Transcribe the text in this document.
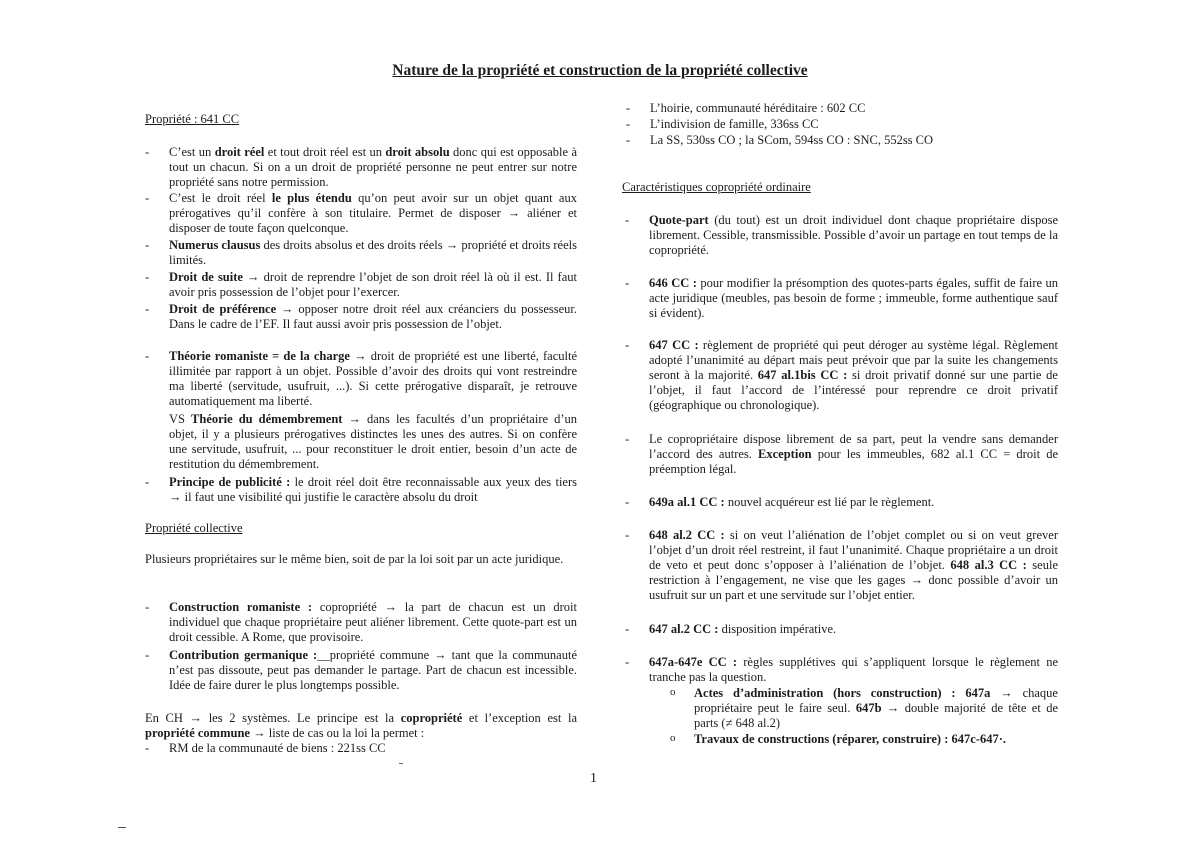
Nature de la propriété et construction de la propriété collective
Propriété : 641 CC
- C’est un droit réel et tout droit réel est un droit absolu donc qui est opposable à tout un chacun. Si on a un droit de propriété personne ne peut entrer sur notre propriété sans notre permission.
- C’est le droit réel le plus étendu qu’on peut avoir sur un objet quant aux prérogatives qu’il confère à son titulaire. Permet de disposer → aliéner et disposer de toute façon quelconque.
- Numerus clausus des droits absolus et des droits réels → propriété et droits réels limités.
- Droit de suite → droit de reprendre l’objet de son droit réel là où il est. Il faut avoir pris possession de l’objet pour l’exercer.
- Droit de préférence → opposer notre droit réel aux créanciers du possesseur. Dans le cadre de l’EF. Il faut aussi avoir pris possession de l’objet.
- Théorie romaniste = de la charge → droit de propriété est une liberté, faculté illimitée par rapport à un objet. Possible d’avoir des droits qui vont restreindre ma liberté (servitude, usufruit, ...). Si cette prérogative disparaît, je retrouve automatiquement ma liberté.
VS Théorie du démembrement → dans les facultés d’un propriétaire d’un objet, il y a plusieurs prérogatives distinctes les unes des autres. Si on confère une servitude, usufruit, ... pour reconstituer le droit entier, besoin d’un acte de restitution du démembrement.
- Principe de publicité : le droit réel doit être reconnaissable aux yeux des tiers → il faut une visibilité qui justifie le caractère absolu du droit
Propriété collective
Plusieurs propriétaires sur le même bien, soit de par la loi soit par un acte juridique.
- Construction romaniste : copropriété → la part de chacun est un droit individuel que chaque propriétaire peut aliéner librement. Cette quote-part est un droit cessible. A Rome, que provisoire.
- Contribution germanique :__propriété commune → tant que la communauté n’est pas dissoute, peut pas demander le partage. Part de chacun est incessible. Idée de faire durer le plus longtemps possible.
En CH → les 2 systèmes. Le principe est la copropriété et l’exception est la propriété commune → liste de cas ou la loi la permet :
- RM de la communauté de biens : 221ss CC
- L’hoirie, communauté héréditaire : 602 CC
- L’indivision de famille, 336ss CC
- La SS, 530ss CO ; la SCom, 594ss CO : SNC, 552ss CO
Caractéristiques copropriété ordinaire
- Quote-part (du tout) est un droit individuel dont chaque propriétaire dispose librement. Cessible, transmissible. Possible d’avoir un partage en tout temps de la copropriété.
- 646 CC : pour modifier la présomption des quotes-parts égales, suffit de faire un acte juridique (meubles, pas besoin de forme ; immeuble, forme authentique sauf si évident).
- 647 CC : règlement de propriété qui peut déroger au système légal. Règlement adopté l’unanimité au départ mais peut prévoir que par la suite les changements seront à la majorité. 647 al.1bis CC : si droit privatif donné sur une partie de l’objet, il faut l’accord de l’intéressé pour reprendre ce droit privatif (géographique ou chronologique).
- Le copropriétaire dispose librement de sa part, peut la vendre sans demander l’accord des autres. Exception pour les immeubles, 682 al.1 CC = droit de préemption légal.
- 649a al.1 CC : nouvel acquéreur est lié par le règlement.
- 648 al.2 CC : si on veut l’aliénation de l’objet complet ou si on veut grever l’objet d’un droit réel restreint, il faut l’unanimité. Chaque propriétaire a un droit de veto et peut donc s’opposer à l’aliénation de l’objet. 648 al.3 CC : seule restriction à l’engagement, ne vise que les gages → donc possible d’avoir un usufruit sur un part et une servitude sur l’objet entier.
- 647 al.2 CC : disposition impérative.
- 647a-647e CC : règles supplétives qui s’appliquent lorsque le règlement ne tranche pas la question.
o Actes d’administration (hors construction) : 647a → chaque propriétaire peut le faire seul. 647b → double majorité de tête et de parts (≠ 648 al.2)
o Travaux de constructions (réparer, construire) : 647c-647·.
1
